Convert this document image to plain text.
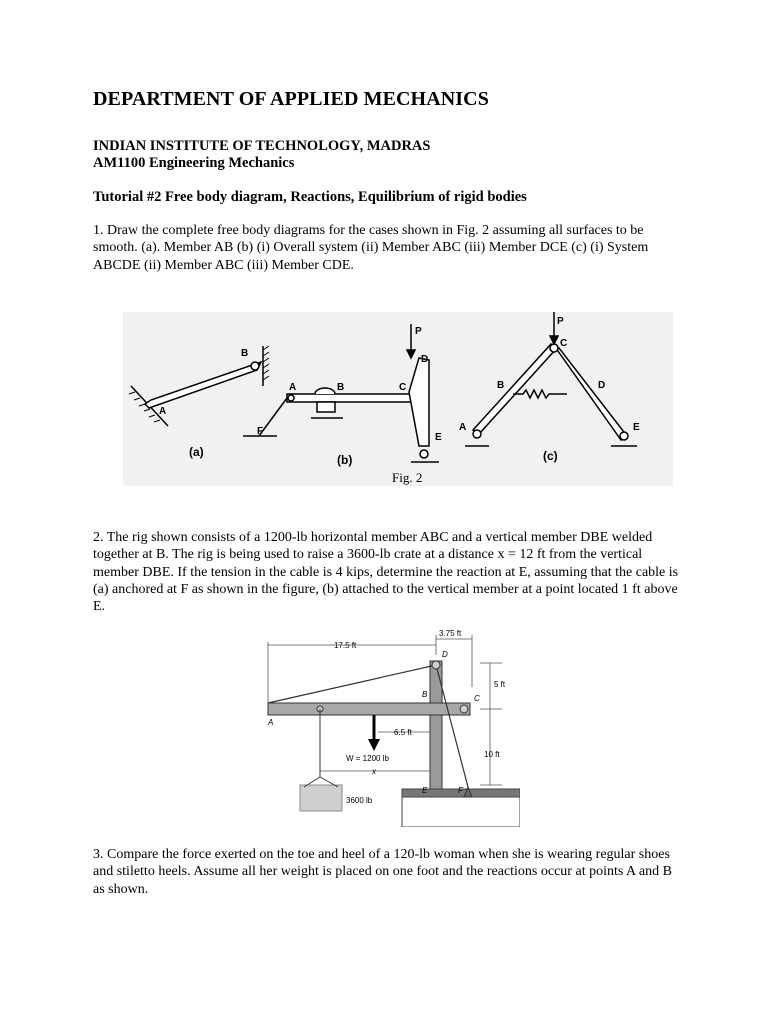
DEPARTMENT OF APPLIED MECHANICS
INDIAN INSTITUTE OF TECHNOLOGY, MADRAS
AM1100 Engineering Mechanics
Tutorial #2 Free body diagram, Reactions, Equilibrium of rigid bodies
1. Draw the complete free body diagrams for the cases shown in Fig. 2 assuming all surfaces to be smooth. (a). Member AB (b) (i) Overall system (ii) Member ABC (iii) Member DCE (c) (i) System ABCDE (ii) Member ABC (iii) Member CDE.
A
B
(a)
A	B	C
D
E
F
P
(b)
A
B
C
D
E
P
(c)
Fig. 2
2. The rig shown consists of a 1200-lb horizontal member ABC and a vertical member DBE welded together at B. The rig is being used to raise a 3600-lb crate at a distance x = 12 ft from the vertical member DBE. If the tension in the cable is 4 kips, determine the reaction at E, assuming that the cable is (a) anchored at F as shown in the figure, (b) attached to the vertical member at a point located 1 ft above E.
17.5 ft
3.75 ft
5 ft
10 ft
6.5 ft
W = 1200 lb
x
3600 lb
A
B	C
D
E	F
3. Compare the force exerted on the toe and heel of a 120-lb woman when she is wearing regular shoes and stiletto heels. Assume all her weight is placed on one foot and the reactions occur at points A and B as shown.
